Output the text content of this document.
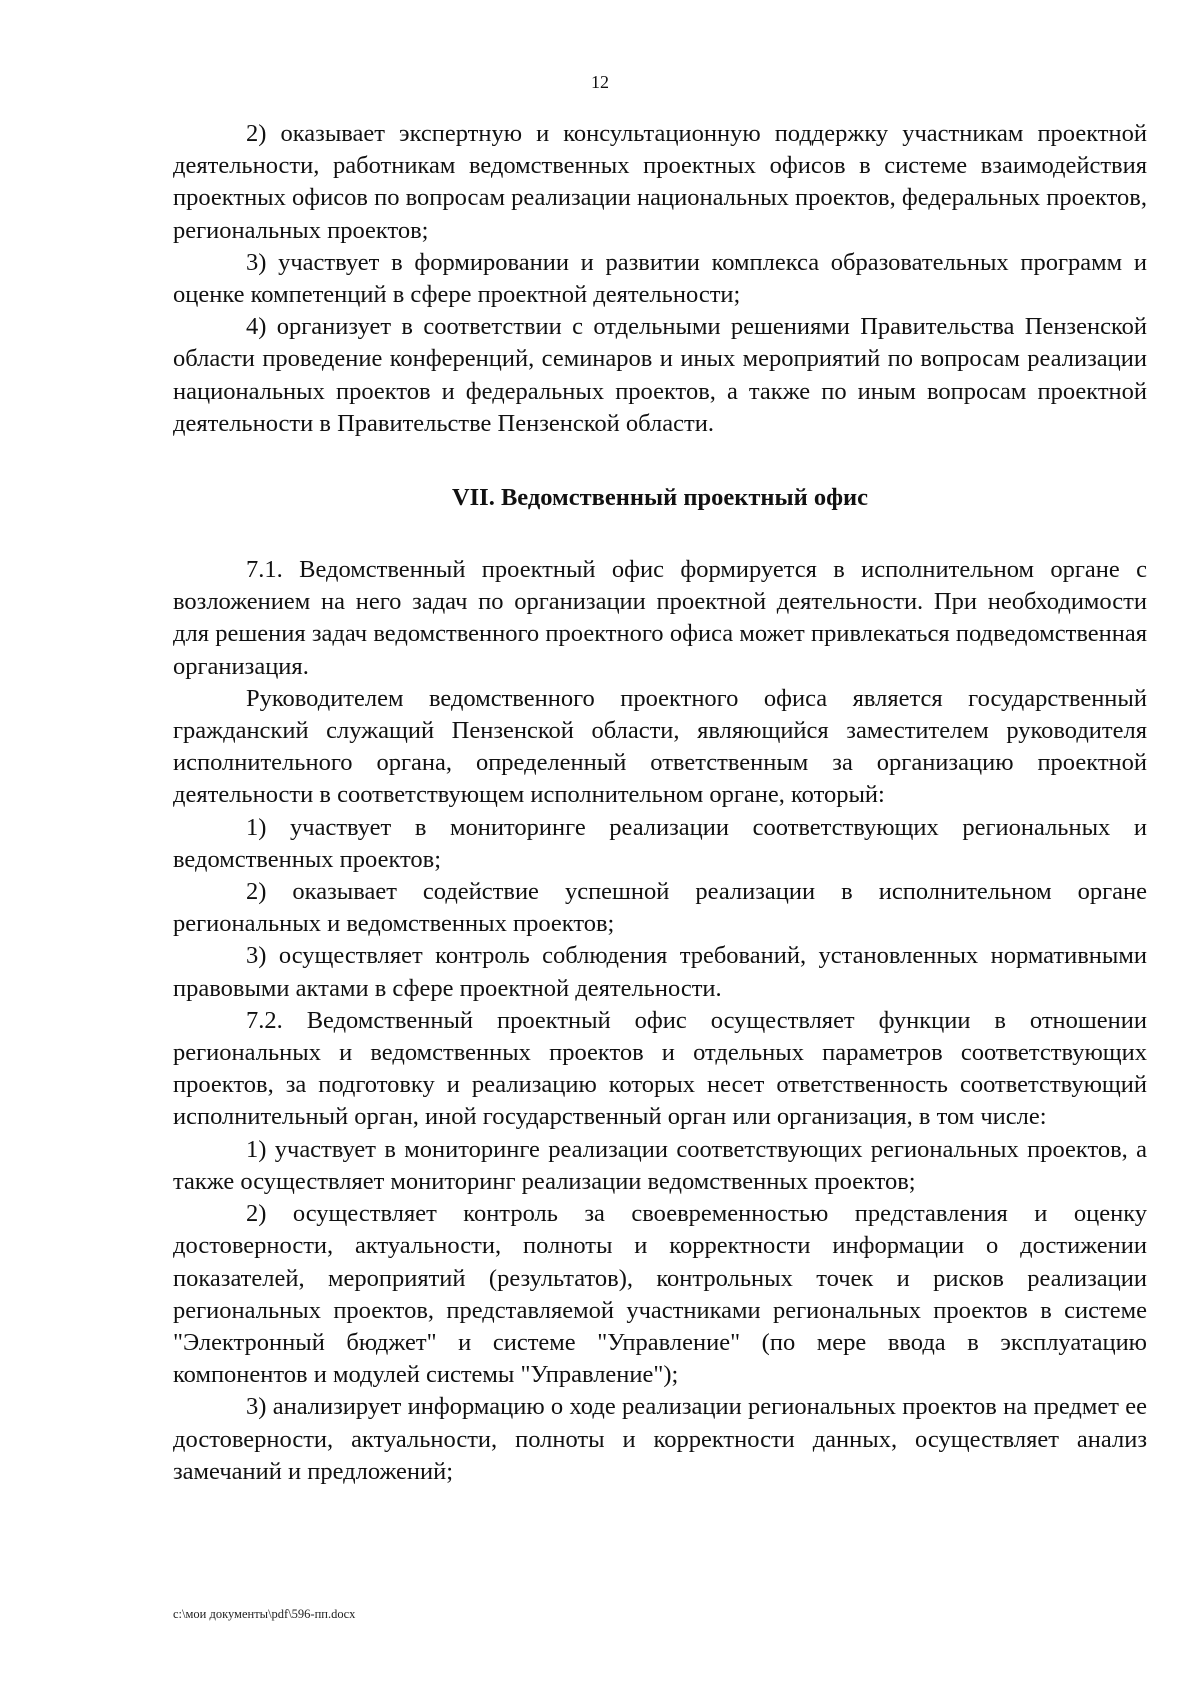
12

2) оказывает экспертную и консультационную поддержку участникам проектной деятельности, работникам ведомственных проектных офисов в системе взаимодействия проектных офисов по вопросам реализации национальных проектов, федеральных проектов, региональных проектов;

3) участвует в формировании и развитии комплекса образовательных программ и оценке компетенций в сфере проектной деятельности;

4) организует в соответствии с отдельными решениями Правительства Пензенской области проведение конференций, семинаров и иных мероприятий по вопросам реализации национальных проектов и федеральных проектов, а также по иным вопросам проектной деятельности в Правительстве Пензенской области.

VII. Ведомственный проектный офис

7.1. Ведомственный проектный офис формируется в исполнительном органе с возложением на него задач по организации проектной деятельности. При необходимости для решения задач ведомственного проектного офиса может привлекаться подведомственная организация.

Руководителем ведомственного проектного офиса является государственный гражданский служащий Пензенской области, являющийся заместителем руководителя исполнительного органа, определенный ответственным за организацию проектной деятельности в соответствующем исполнительном органе, который:

1) участвует в мониторинге реализации соответствующих региональных и ведомственных проектов;

2) оказывает содействие успешной реализации в исполнительном органе региональных и ведомственных проектов;

3) осуществляет контроль соблюдения требований, установленных нормативными правовыми актами в сфере проектной деятельности.

7.2. Ведомственный проектный офис осуществляет функции в отношении региональных и ведомственных проектов и отдельных параметров соответствующих проектов, за подготовку и реализацию которых несет ответственность соответствующий исполнительный орган, иной государственный орган или организация, в том числе:

1) участвует в мониторинге реализации соответствующих региональных проектов, а также осуществляет мониторинг реализации ведомственных проектов;

2) осуществляет контроль за своевременностью представления и оценку достоверности, актуальности, полноты и корректности информации о достижении показателей, мероприятий (результатов), контрольных точек и рисков реализации региональных проектов, представляемой участниками региональных проектов в системе "Электронный бюджет" и системе "Управление" (по мере ввода в эксплуатацию компонентов и модулей системы "Управление");

3) анализирует информацию о ходе реализации региональных проектов на предмет ее достоверности, актуальности, полноты и корректности данных, осуществляет анализ замечаний и предложений;

c:\мои документы\pdf\596-пп.docx
